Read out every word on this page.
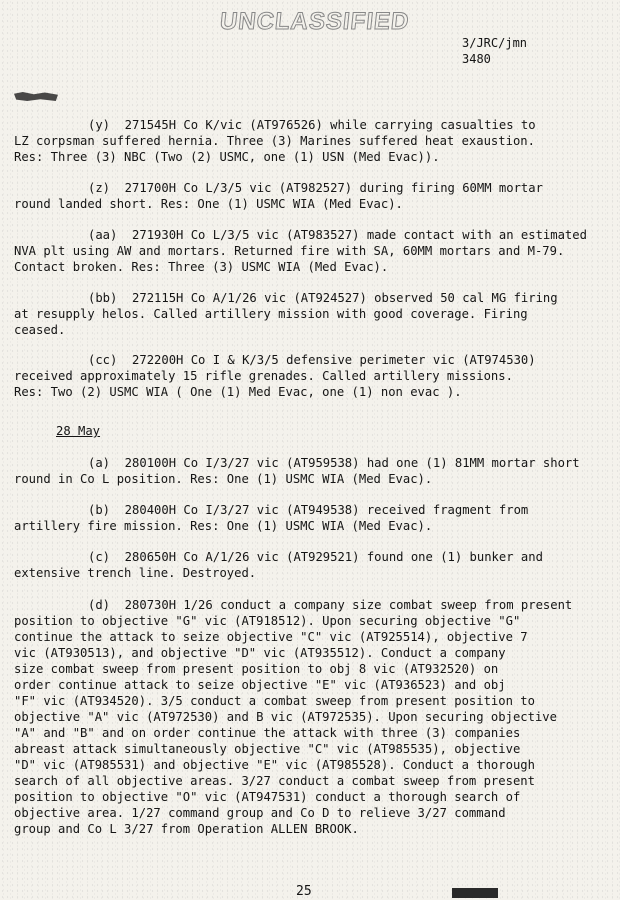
UNCLASSIFIED
3/JRC/jmn
3480
(y)  271545H Co K/vic (AT976526) while carrying casualties to
LZ corpsman suffered hernia. Three (3) Marines suffered heat exaustion.
Res: Three (3) NBC (Two (2) USMC, one (1) USN (Med Evac)).
(z)  271700H Co L/3/5 vic (AT982527) during firing 60MM mortar
round landed short. Res: One (1) USMC WIA (Med Evac).
(aa)  271930H Co L/3/5 vic (AT983527) made contact with an estimated
NVA plt using AW and mortars. Returned fire with SA, 60MM mortars and M-79.
Contact broken. Res: Three (3) USMC WIA (Med Evac).
(bb)  272115H Co A/1/26 vic (AT924527) observed 50 cal MG firing
at resupply helos. Called artillery mission with good coverage. Firing
ceased.
(cc)  272200H Co I & K/3/5 defensive perimeter vic (AT974530)
received approximately 15 rifle grenades. Called artillery missions.
Res: Two (2) USMC WIA ( One (1) Med Evac, one (1) non evac ).
28 May
(a)  280100H Co I/3/27 vic (AT959538) had one (1) 81MM mortar short
round in Co L position. Res: One (1) USMC WIA (Med Evac).
(b)  280400H Co I/3/27 vic (AT949538) received fragment from
artillery fire mission. Res: One (1) USMC WIA (Med Evac).
(c)  280650H Co A/1/26 vic (AT929521) found one (1) bunker and
extensive trench line. Destroyed.
(d)  280730H 1/26 conduct a company size combat sweep from present
position to objective "G" vic (AT918512). Upon securing objective "G"
continue the attack to seize objective "C" vic (AT925514), objective 7
vic (AT930513), and objective "D" vic (AT935512). Conduct a company
size combat sweep from present position to obj 8 vic (AT932520) on
order continue attack to seize objective "E" vic (AT936523) and obj
"F" vic (AT934520). 3/5 conduct a combat sweep from present position to
objective "A" vic (AT972530) and B vic (AT972535). Upon securing objective
"A" and "B" and on order continue the attack with three (3) companies
abreast attack simultaneously objective "C" vic (AT985535), objective
"D" vic (AT985531) and objective "E" vic (AT985528). Conduct a thorough
search of all objective areas. 3/27 conduct a combat sweep from present
position to objective "O" vic (AT947531) conduct a thorough search of
objective area. 1/27 command group and Co D to relieve 3/27 command
group and Co L 3/27 from Operation ALLEN BROOK.
25	SECRET
